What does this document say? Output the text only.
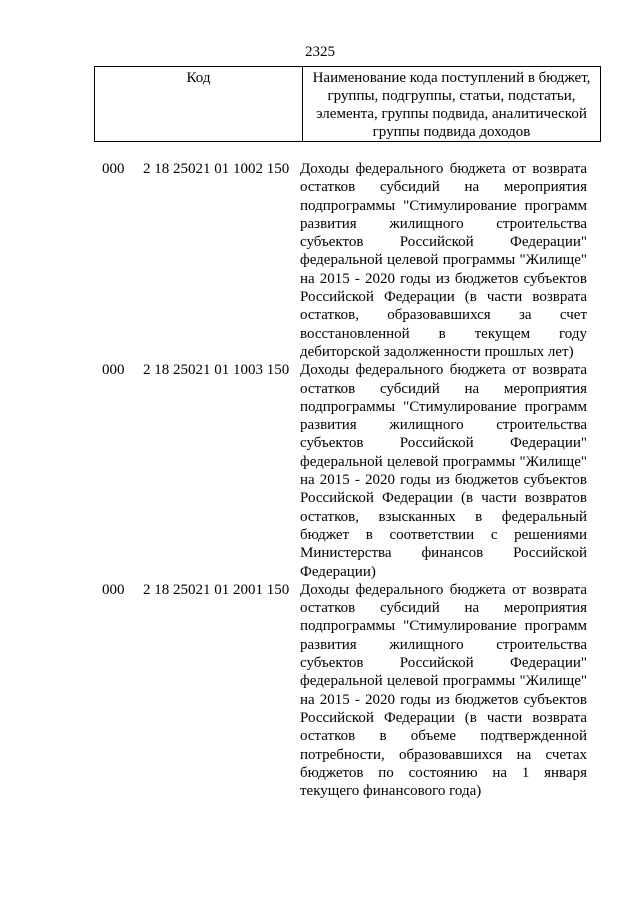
2325
Код	Наименование кода поступлений в бюджет, группы, подгруппы, статьи, подстатьи, элемента, группы подвида, аналитической группы подвида доходов
000 2 18 25021 01 1002 150 Доходы федерального бюджета от возврата остатков субсидий на мероприятия подпрограммы "Стимулирование программ развития жилищного строительства субъектов Российской Федерации" федеральной целевой программы "Жилище" на 2015 - 2020 годы из бюджетов субъектов Российской Федерации (в части возврата остатков, образовавшихся за счет восстановленной в текущем году дебиторской задолженности прошлых лет)
000 2 18 25021 01 1003 150 Доходы федерального бюджета от возврата остатков субсидий на мероприятия подпрограммы "Стимулирование программ развития жилищного строительства субъектов Российской Федерации" федеральной целевой программы "Жилище" на 2015 - 2020 годы из бюджетов субъектов Российской Федерации (в части возвратов остатков, взысканных в федеральный бюджет в соответствии с решениями Министерства финансов Российской Федерации)
000 2 18 25021 01 2001 150 Доходы федерального бюджета от возврата остатков субсидий на мероприятия подпрограммы "Стимулирование программ развития жилищного строительства субъектов Российской Федерации" федеральной целевой программы "Жилище" на 2015 - 2020 годы из бюджетов субъектов Российской Федерации (в части возврата остатков в объеме подтвержденной потребности, образовавшихся на счетах бюджетов по состоянию на 1 января текущего финансового года)
